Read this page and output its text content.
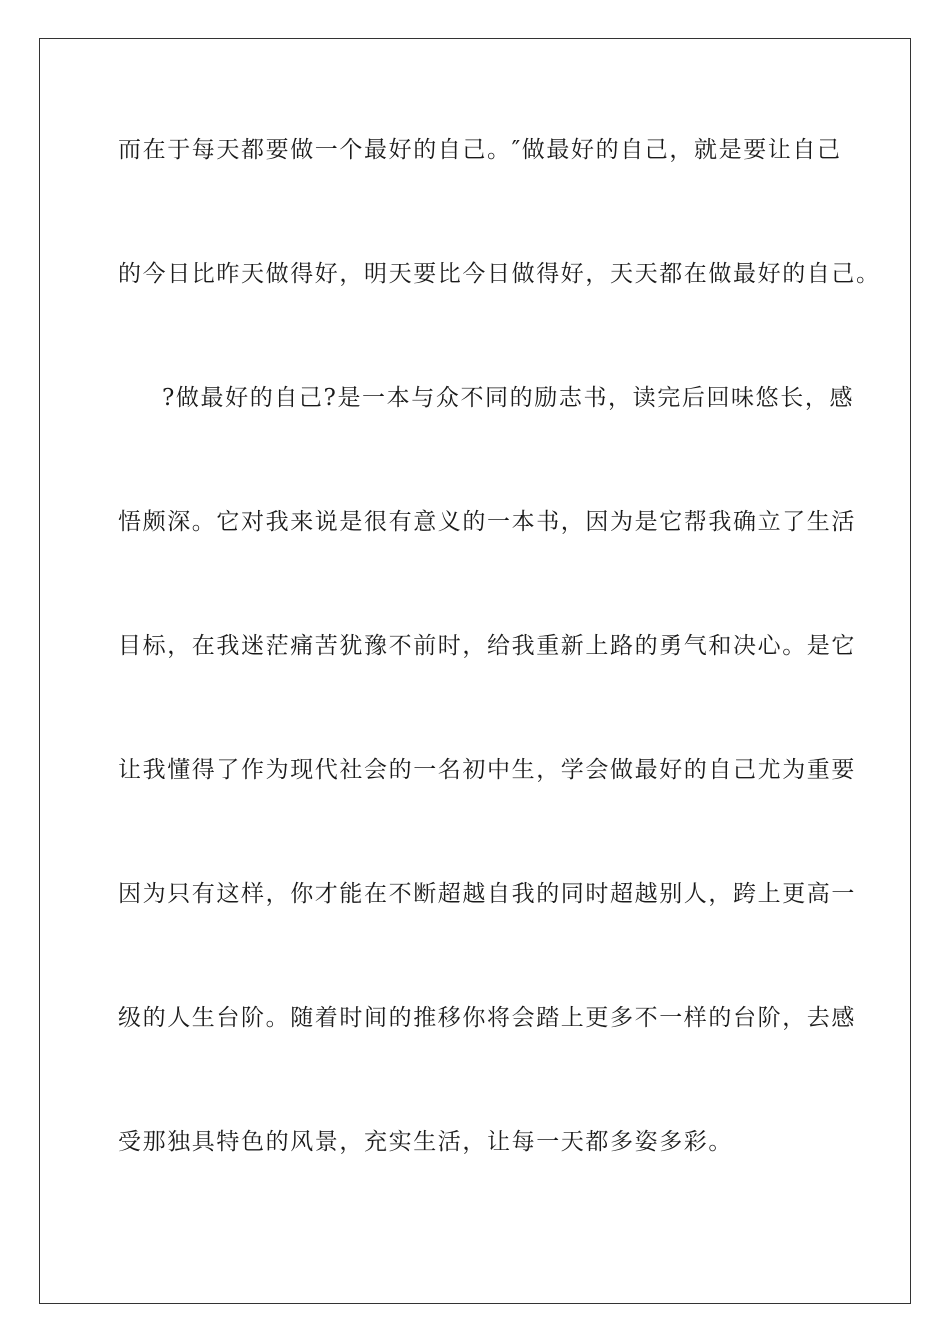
而在于每天都要做一个最好的自己。″做最好的自己，就是要让自己
的今日比昨天做得好，明天要比今日做得好，天天都在做最好的自己。
?做最好的自己?是一本与众不同的励志书，读完后回味悠长，感
悟颇深。它对我来说是很有意义的一本书，因为是它帮我确立了生活
目标，在我迷茫痛苦犹豫不前时，给我重新上路的勇气和决心。是它
让我懂得了作为现代社会的一名初中生，学会做最好的自己尤为重要
因为只有这样，你才能在不断超越自我的同时超越别人，跨上更高一
级的人生台阶。随着时间的推移你将会踏上更多不一样的台阶，去感
受那独具特色的风景，充实生活，让每一天都多姿多彩。
